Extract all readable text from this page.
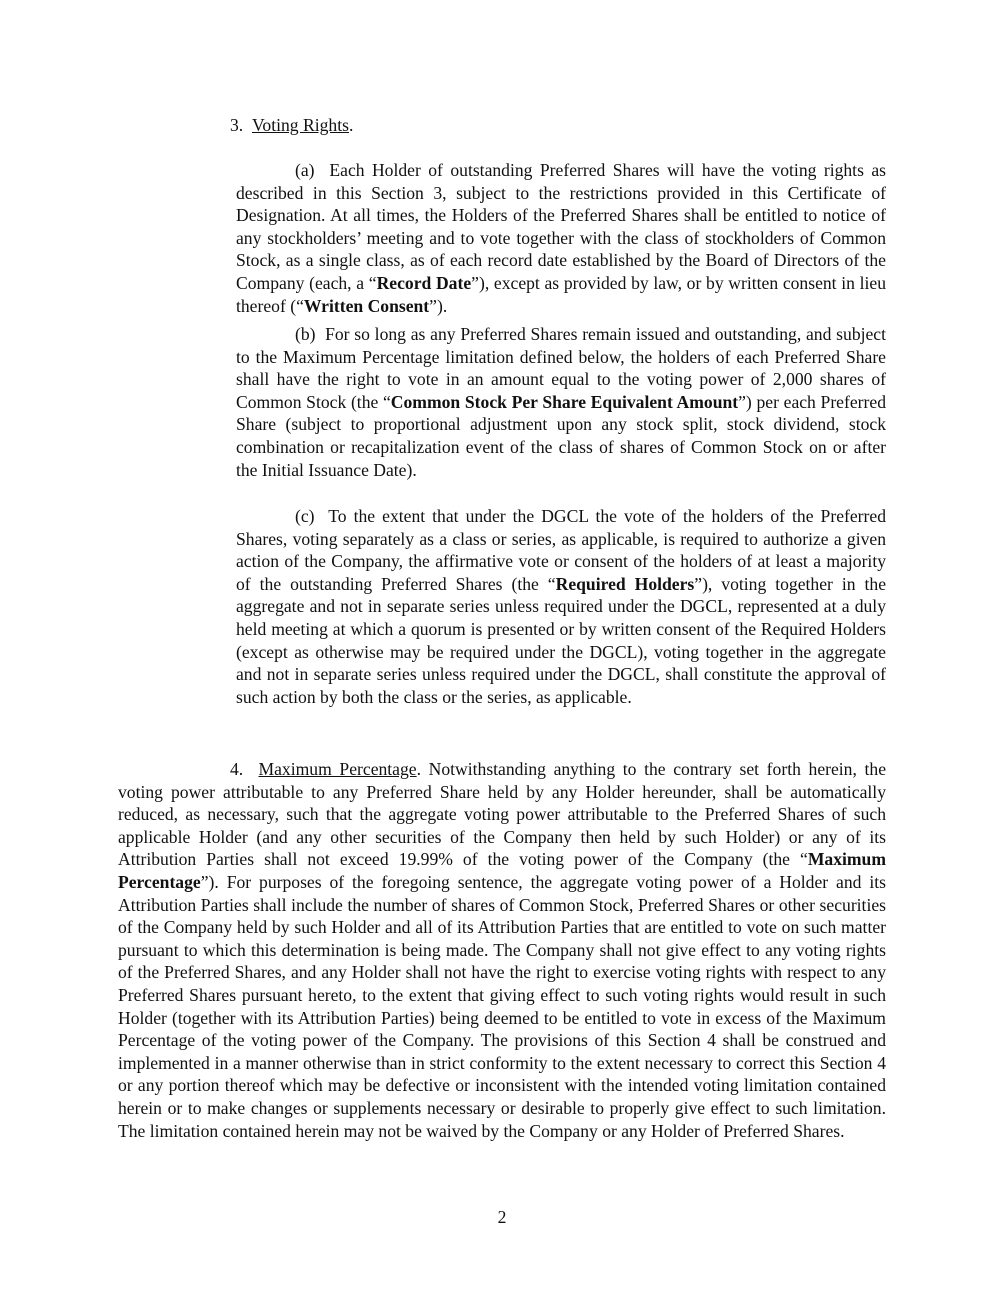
3. Voting Rights.

(a) Each Holder of outstanding Preferred Shares will have the voting rights as described in this Section 3, subject to the restrictions provided in this Certificate of Designation. At all times, the Holders of the Preferred Shares shall be entitled to notice of any stockholders’ meeting and to vote together with the class of stockholders of Common Stock, as a single class, as of each record date established by the Board of Directors of the Company (each, a “Record Date”), except as provided by law, or by written consent in lieu thereof (“Written Consent”).

(b) For so long as any Preferred Shares remain issued and outstanding, and subject to the Maximum Percentage limitation defined below, the holders of each Preferred Share shall have the right to vote in an amount equal to the voting power of 2,000 shares of Common Stock (the “Common Stock Per Share Equivalent Amount”) per each Preferred Share (subject to proportional adjustment upon any stock split, stock dividend, stock combination or recapitalization event of the class of shares of Common Stock on or after the Initial Issuance Date).

(c) To the extent that under the DGCL the vote of the holders of the Preferred Shares, voting separately as a class or series, as applicable, is required to authorize a given action of the Company, the affirmative vote or consent of the holders of at least a majority of the outstanding Preferred Shares (the “Required Holders”), voting together in the aggregate and not in separate series unless required under the DGCL, represented at a duly held meeting at which a quorum is presented or by written consent of the Required Holders (except as otherwise may be required under the DGCL), voting together in the aggregate and not in separate series unless required under the DGCL, shall constitute the approval of such action by both the class or the series, as applicable.

4. Maximum Percentage. Notwithstanding anything to the contrary set forth herein, the voting power attributable to any Preferred Share held by any Holder hereunder, shall be automatically reduced, as necessary, such that the aggregate voting power attributable to the Preferred Shares of such applicable Holder (and any other securities of the Company then held by such Holder) or any of its Attribution Parties shall not exceed 19.99% of the voting power of the Company (the “Maximum Percentage”). For purposes of the foregoing sentence, the aggregate voting power of a Holder and its Attribution Parties shall include the number of shares of Common Stock, Preferred Shares or other securities of the Company held by such Holder and all of its Attribution Parties that are entitled to vote on such matter pursuant to which this determination is being made. The Company shall not give effect to any voting rights of the Preferred Shares, and any Holder shall not have the right to exercise voting rights with respect to any Preferred Shares pursuant hereto, to the extent that giving effect to such voting rights would result in such Holder (together with its Attribution Parties) being deemed to be entitled to vote in excess of the Maximum Percentage of the voting power of the Company. The provisions of this Section 4 shall be construed and implemented in a manner otherwise than in strict conformity to the extent necessary to correct this Section 4 or any portion thereof which may be defective or inconsistent with the intended voting limitation contained herein or to make changes or supplements necessary or desirable to properly give effect to such limitation. The limitation contained herein may not be waived by the Company or any Holder of Preferred Shares.

2
